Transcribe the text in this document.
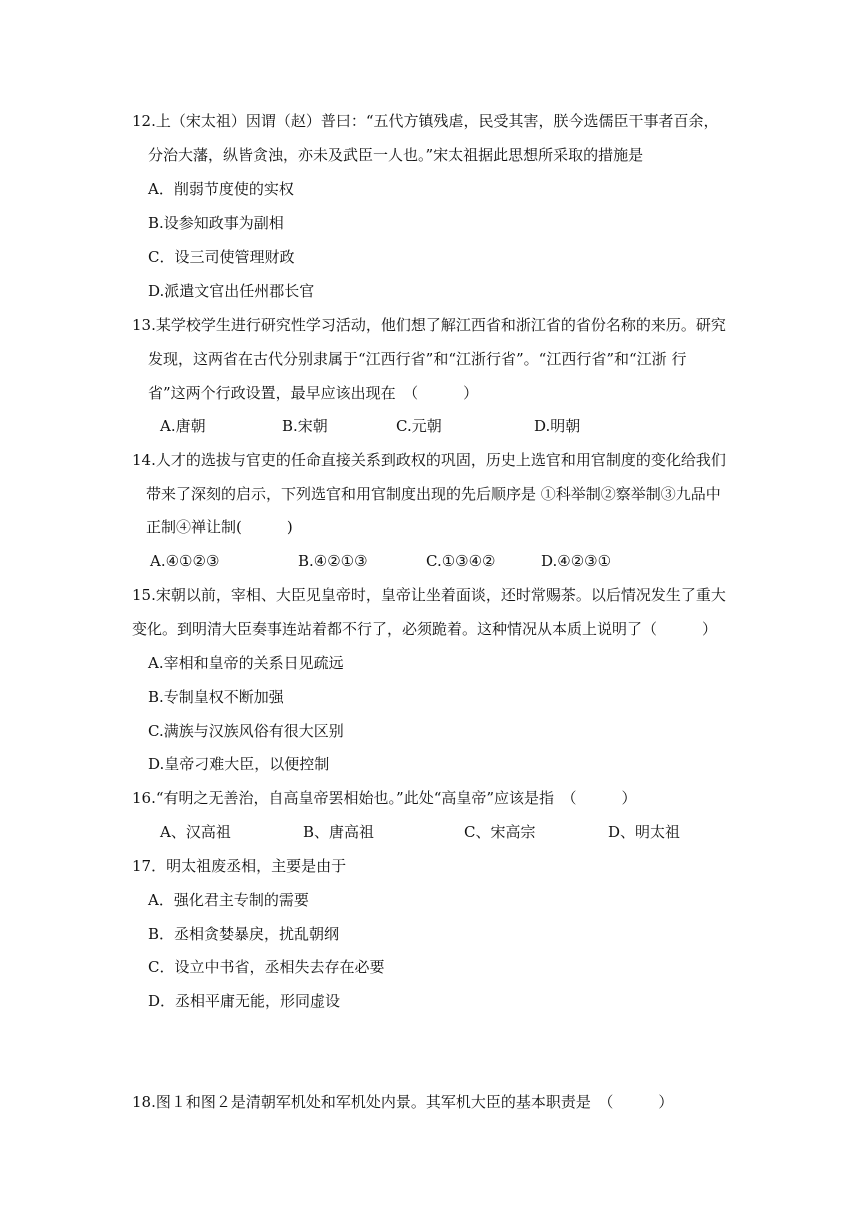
12.上（宋太祖）因谓（赵）普曰：“五代方镇残虐，民受其害，朕今选儒臣干事者百余，
分治大藩，纵皆贪浊，亦未及武臣一人也。”宋太祖据此思想所采取的措施是
A．削弱节度使的实权
B.设参知政事为副相
C．设三司使管理财政
D.派遣文官出任州郡长官
13.某学校学生进行研究性学习活动，他们想了解江西省和浙江省的省份名称的来历。研究
发现，这两省在古代分别隶属于“江西行省”和“江浙行省”。“江西行省”和“江浙 行
省”这两个行政设置，最早应该出现在　（　　　）
A.唐朝	B.宋朝	C.元朝	D.明朝
14.人才的选拔与官吏的任命直接关系到政权的巩固，历史上选官和用官制度的变化给我们
带来了深刻的启示，下列选官和用官制度出现的先后顺序是 ①科举制②察举制③九品中
正制④禅让制(　　　)
A.④①②③	B.④②①③	C.①③④②	D.④②③①
15.宋朝以前，宰相、大臣见皇帝时，皇帝让坐着面谈，还时常赐茶。以后情况发生了重大
变化。到明清大臣奏事连站着都不行了，必须跪着。这种情况从本质上说明了（　　　）
A.宰相和皇帝的关系日见疏远
B.专制皇权不断加强
C.满族与汉族风俗有很大区别
D.皇帝刁难大臣，以便控制
16.“有明之无善治，自高皇帝罢相始也。”此处“高皇帝”应该是指　（　　　）
A、汉高祖	B、唐高祖	C、宋高宗	D、明太祖
17．明太祖废丞相，主要是由于
A．强化君主专制的需要
B．丞相贪婪暴戾，扰乱朝纲
C．设立中书省，丞相失去存在必要
D．丞相平庸无能，形同虚设
18.图１和图２是清朝军机处和军机处内景。其军机大臣的基本职责是　（　　　）
